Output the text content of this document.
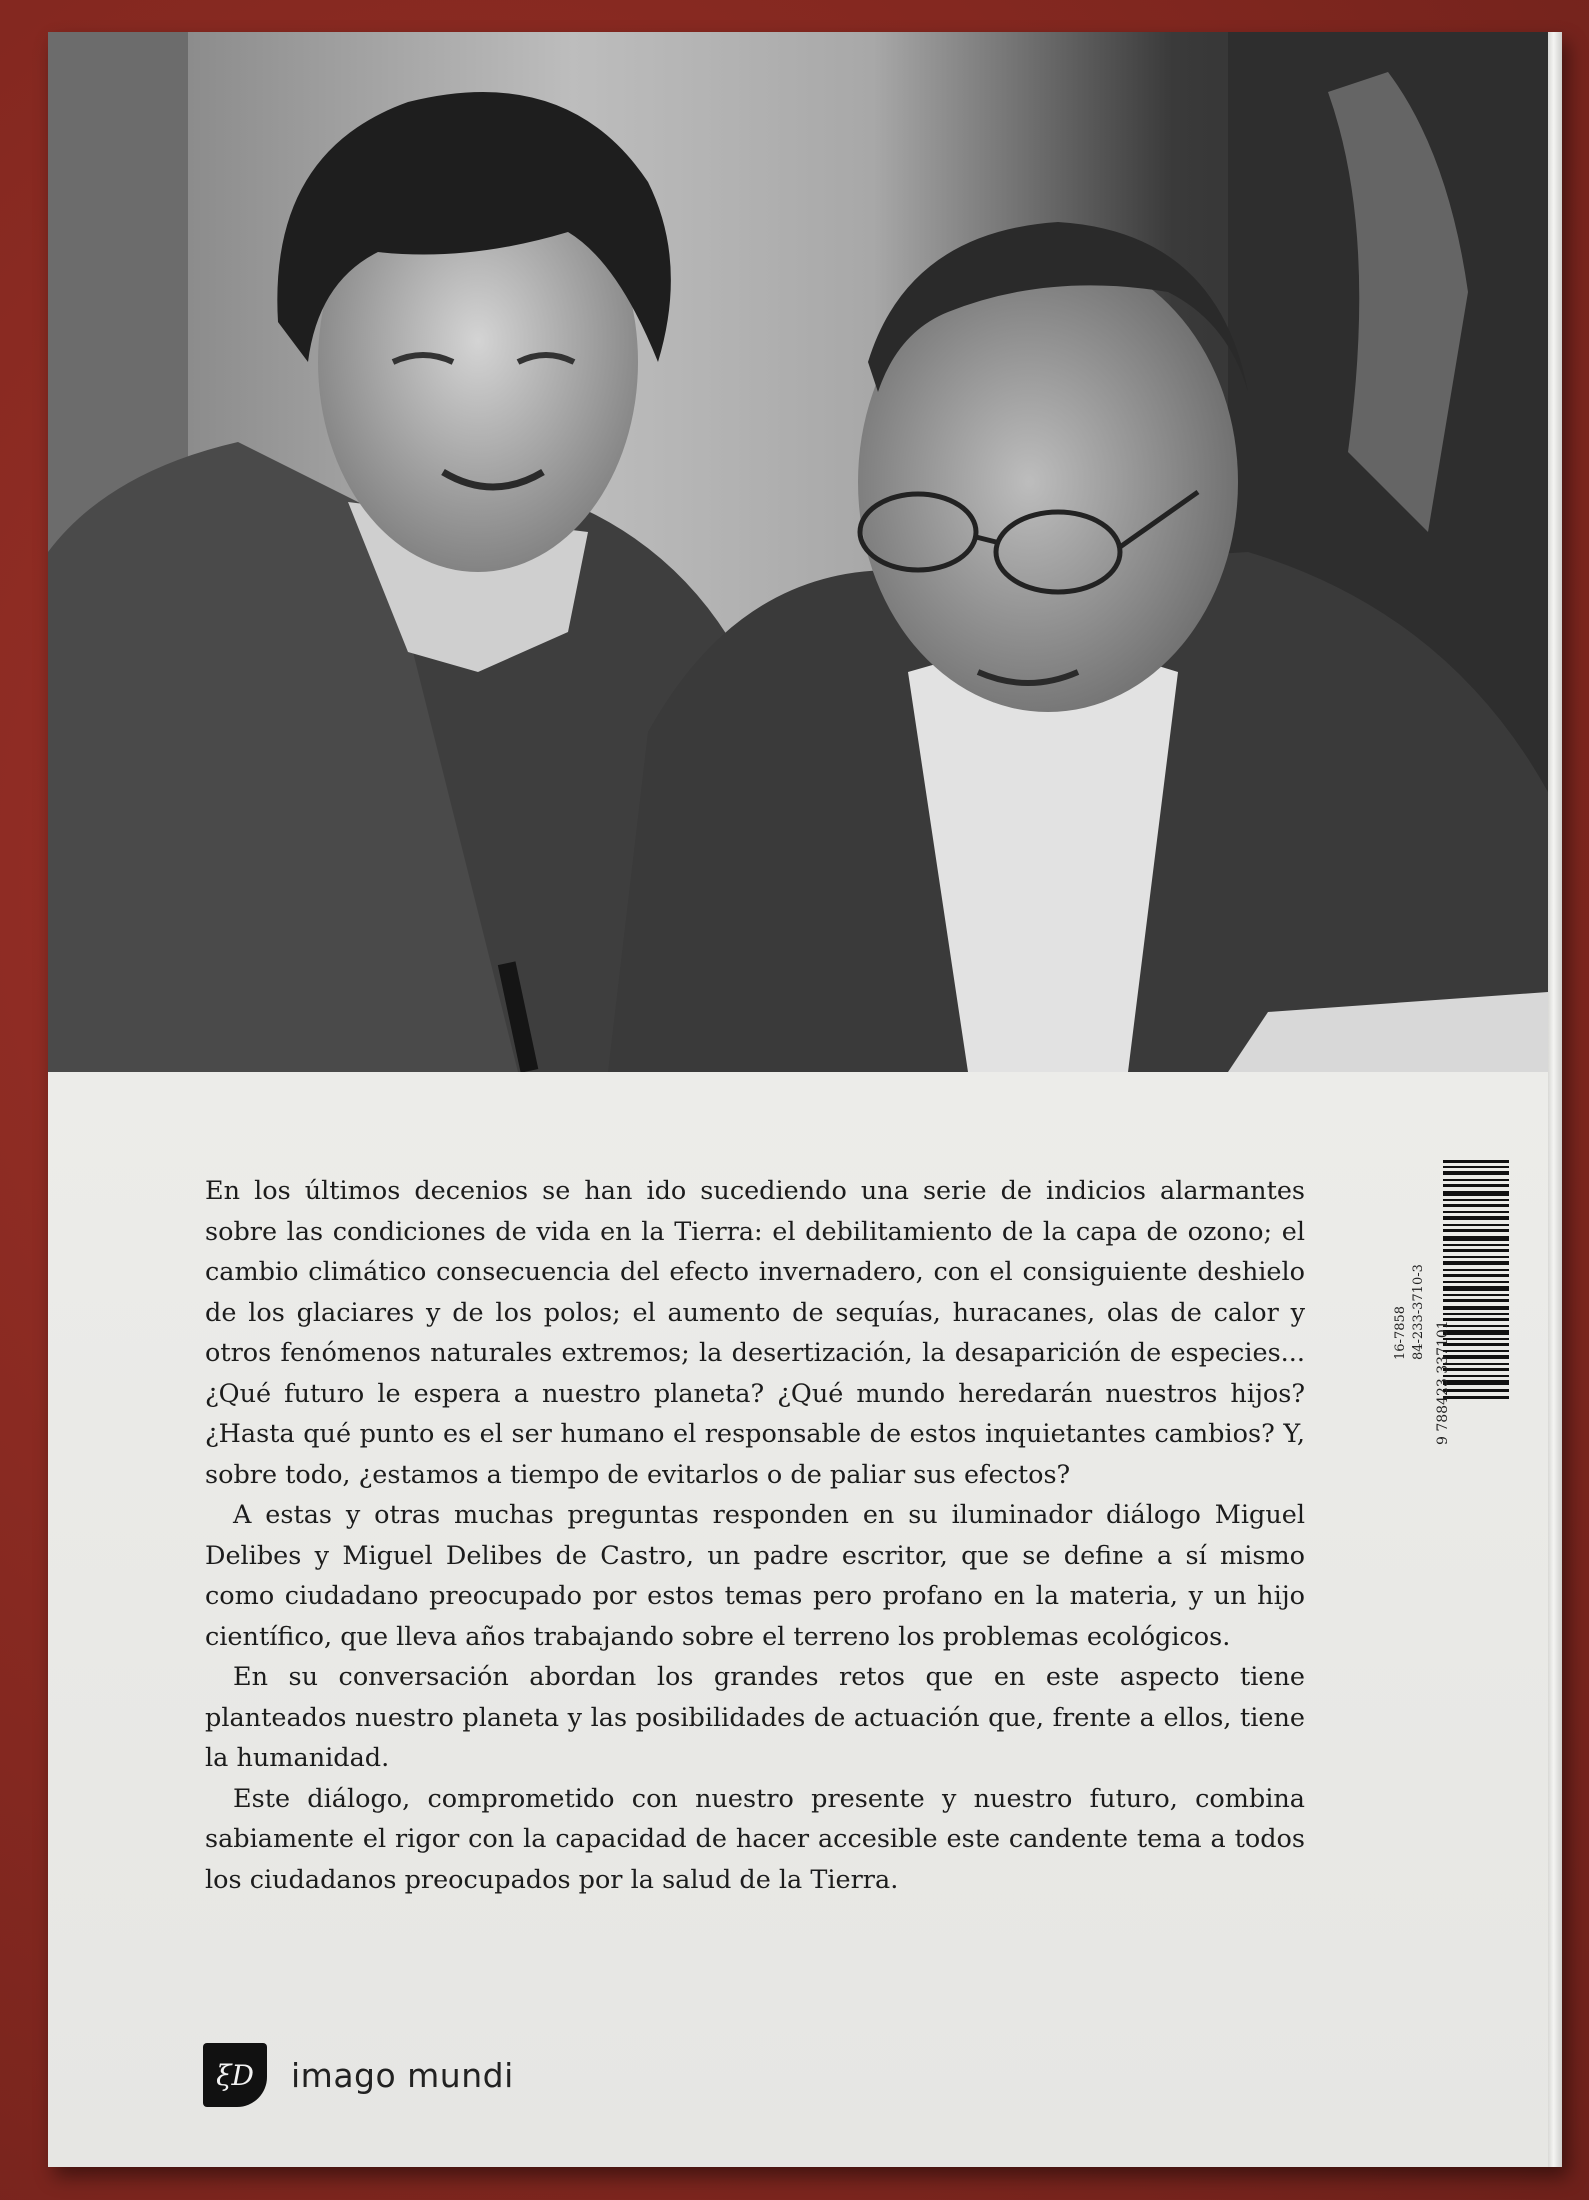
En los últimos decenios se han ido sucediendo una serie de indicios alarmantes sobre las condiciones de vida en la Tierra: el debilitamiento de la capa de ozono; el cambio climático consecuencia del efecto invernadero, con el consiguiente deshielo de los glaciares y de los polos; el aumento de sequías, huracanes, olas de calor y otros fenómenos naturales extremos; la desertización, la desaparición de especies... ¿Qué futuro le espera a nuestro planeta? ¿Qué mundo heredarán nuestros hijos? ¿Hasta qué punto es el ser humano el responsable de estos inquietantes cambios? Y, sobre todo, ¿estamos a tiempo de evitarlos o de paliar sus efectos?

A estas y otras muchas preguntas responden en su iluminador diálogo Miguel Delibes y Miguel Delibes de Castro, un padre escritor, que se define a sí mismo como ciudadano preocupado por estos temas pero profano en la materia, y un hijo científico, que lleva años trabajando sobre el terreno los problemas ecológicos.

En su conversación abordan los grandes retos que en este aspecto tiene planteados nuestro planeta y las posibilidades de actuación que, frente a ellos, tiene la humanidad.

Este diálogo, comprometido con nuestro presente y nuestro futuro, combina sabiamente el rigor con la capacidad de hacer accesible este candente tema a todos los ciudadanos preocupados por la salud de la Tierra.

16-7858 84-233-3710-3
9 788423 337101
ξD	imago mundi
